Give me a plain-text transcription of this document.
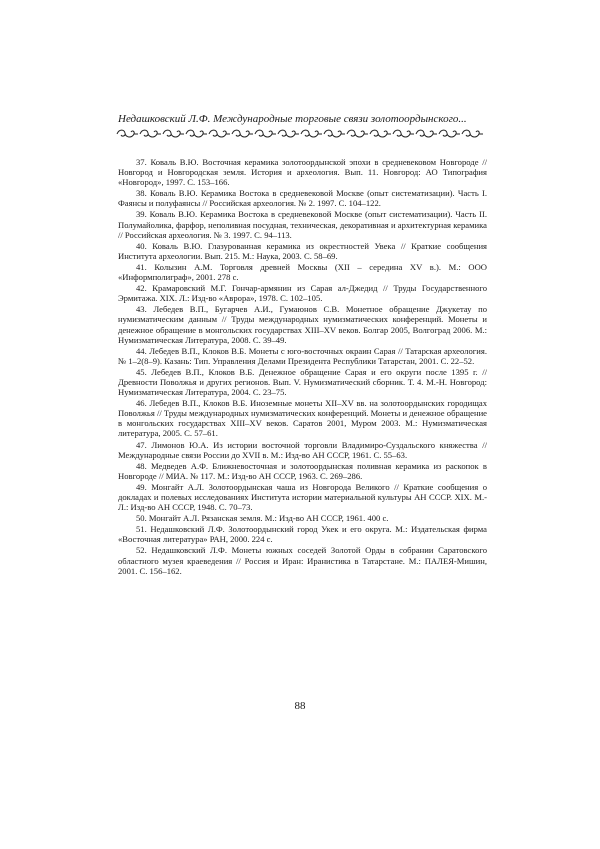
Недашковский Л.Ф. Международные торговые связи золотоордынского...

37. Коваль В.Ю. Восточная керамика золотоордынской эпохи в средневековом Новгороде // Новгород и Новгородская земля. История и археология. Вып. 11. Новгород: АО Типография «Новгород», 1997. С. 153–166.

38. Коваль В.Ю. Керамика Востока в средневековой Москве (опыт систематизации). Часть I. Фаянсы и полуфаянсы // Российская археология. № 2. 1997. С. 104–122.

39. Коваль В.Ю. Керамика Востока в средневековой Москве (опыт систематизации). Часть II. Полумайолика, фарфор, неполивная посудная, техническая, декоративная и архитектурная керамика // Российская археология. № 3. 1997. С. 94–113.

40. Коваль В.Ю. Глазурованная керамика из окрестностей Увека // Краткие сообщения Института археологии. Вып. 215. М.: Наука, 2003. С. 58–69.

41. Колызин А.М. Торговля древней Москвы (XII – середина XV в.). М.: ООО «Информполиграф», 2001. 278 с.

42. Крамаровский М.Г. Гончар-армянин из Сарая ал-Джедид // Труды Государственного Эрмитажа. XIX. Л.: Изд-во «Аврора», 1978. С. 102–105.

43. Лебедев В.П., Бугарчев А.И., Гумаюнов С.В. Монетное обращение Джукетау по нумизматическим данным // Труды международных нумизматических конференций. Монеты и денежное обращение в монгольских государствах XIII–XV веков. Болгар 2005, Волгоград 2006. М.: Нумизматическая Литература, 2008. С. 39–49.

44. Лебедев В.П., Клоков В.Б. Монеты с юго-восточных окраин Сарая // Татарская археология. № 1–2(8–9). Казань: Тип. Управления Делами Президента Республики Татарстан, 2001. С. 22–52.

45. Лебедев В.П., Клоков В.Б. Денежное обращение Сарая и его округи после 1395 г. // Древности Поволжья и других регионов. Вып. V. Нумизматический сборник. Т. 4. М.-Н. Новгород: Нумизматическая Литература, 2004. С. 23–75.

46. Лебедев В.П., Клоков В.Б. Иноземные монеты XII–XV вв. на золотоордынских городищах Поволжья // Труды международных нумизматических конференций. Монеты и денежное обращение в монгольских государствах XIII–XV веков. Саратов 2001, Муром 2003. М.: Нумизматическая литература, 2005. С. 57–61.

47. Лимонов Ю.А. Из истории восточной торговли Владимиро-Суздальского княжества // Международные связи России до XVII в. М.: Изд-во АН СССР, 1961. С. 55–63.

48. Медведев А.Ф. Ближневосточная и золотоордынская поливная керамика из раскопок в Новгороде // МИА. № 117. М.: Изд-во АН СССР, 1963. С. 269–286.

49. Монгайт А.Л. Золотоордынская чаша из Новгорода Великого // Краткие сообщения о докладах и полевых исследованиях Института истории материальной культуры АН СССР. XIX. М.-Л.: Изд-во АН СССР, 1948. С. 70–73.

50. Монгайт А.Л. Рязанская земля. М.: Изд-во АН СССР, 1961. 400 с.

51. Недашковский Л.Ф. Золотоордынский город Укек и его округа. М.: Издательская фирма «Восточная литература» РАН, 2000. 224 с.

52. Недашковский Л.Ф. Монеты южных соседей Золотой Орды в собрании Саратовского областного музея краеведения // Россия и Иран: Иранистика в Татарстане. М.: ПАЛЕЯ-Мишин, 2001. С. 156–162.

88
